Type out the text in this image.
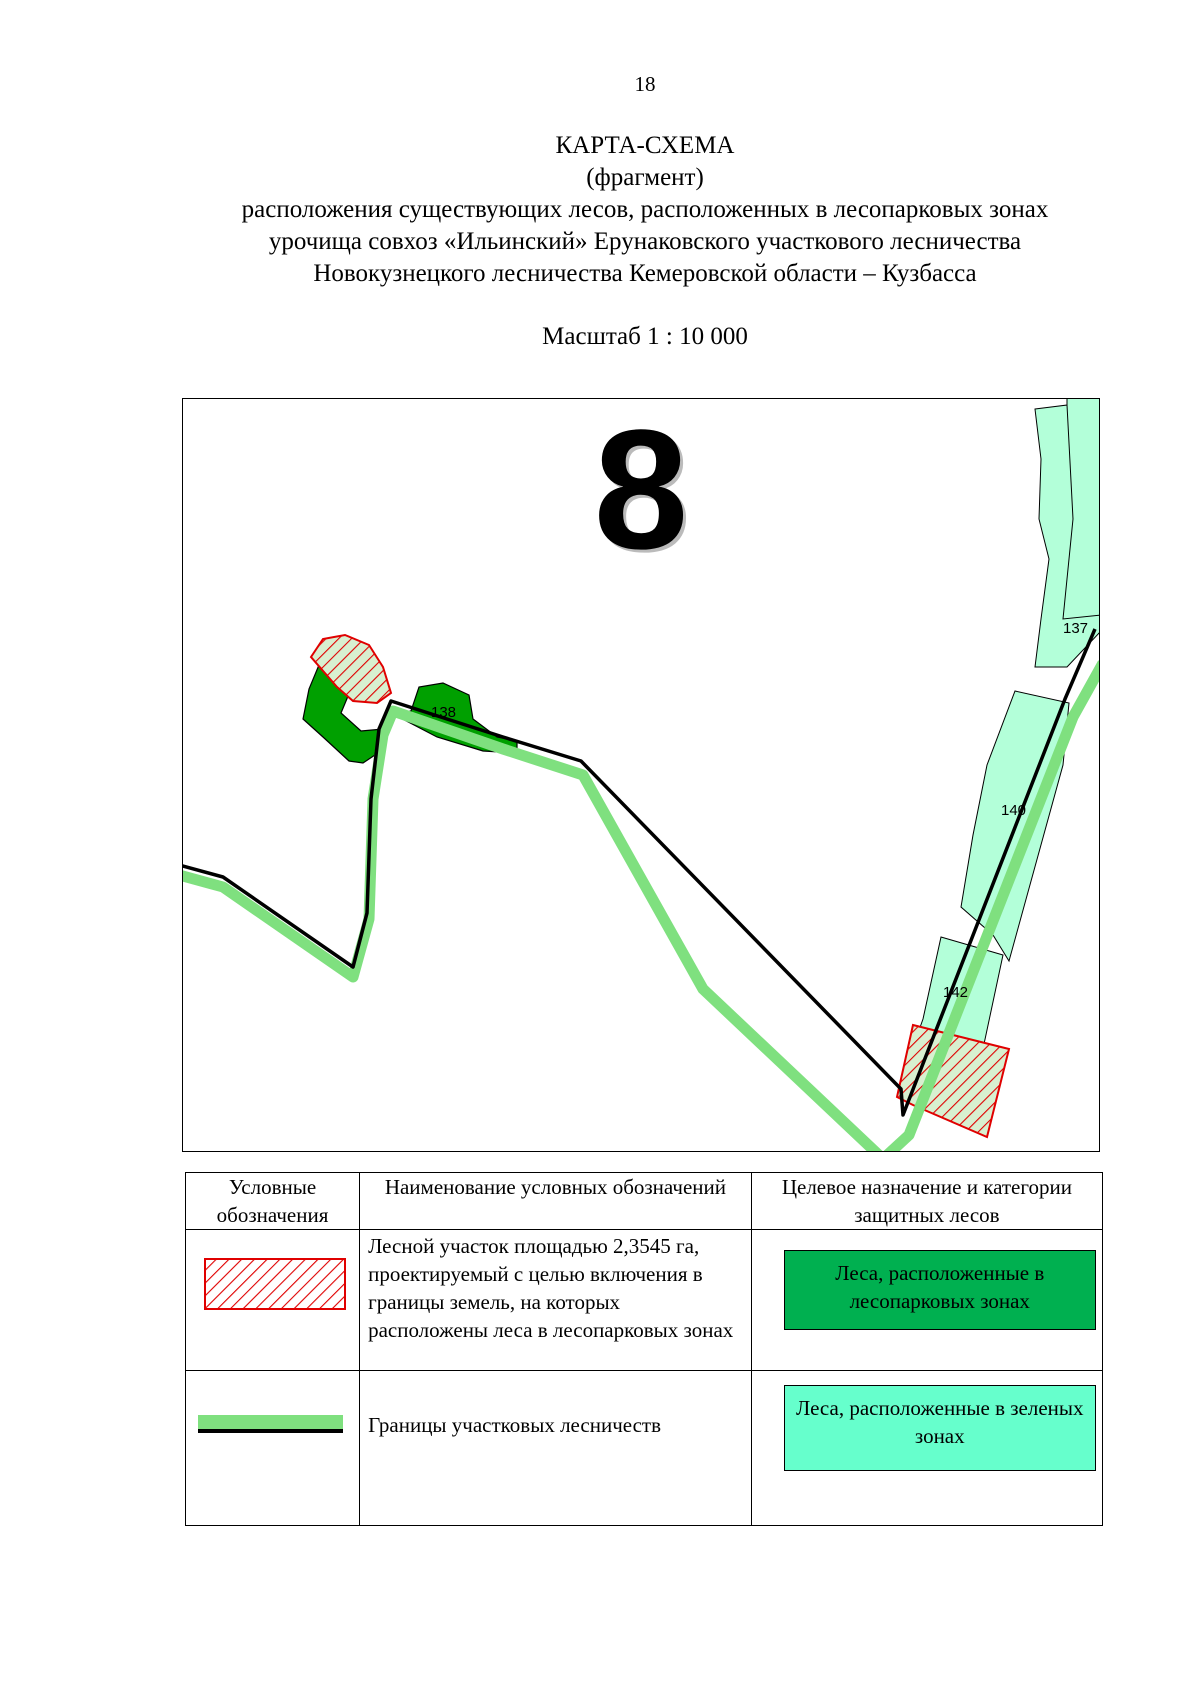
18
КАРТА-СХЕМА
(фрагмент)
расположения существующих лесов, расположенных в лесопарковых зонах
урочища совхоз «Ильинский» Ерунаковского участкового лесничества
Новокузнецкого лесничества Кемеровской области – Кузбасса
Масштаб 1 : 10 000
138
137
140
142
8
Условные обозначения	Наименование условных обозначений	Целевое назначение и категории защитных лесов

	Лесной участок площадью 2,3545 га, проектируемый с целью включения в границы земель, на которых расположены леса в лесопарковых зонах	Леса, расположенные в лесопарковых зонах

	Границы участковых лесничеств	Леса, расположенные в зеленых зонах
